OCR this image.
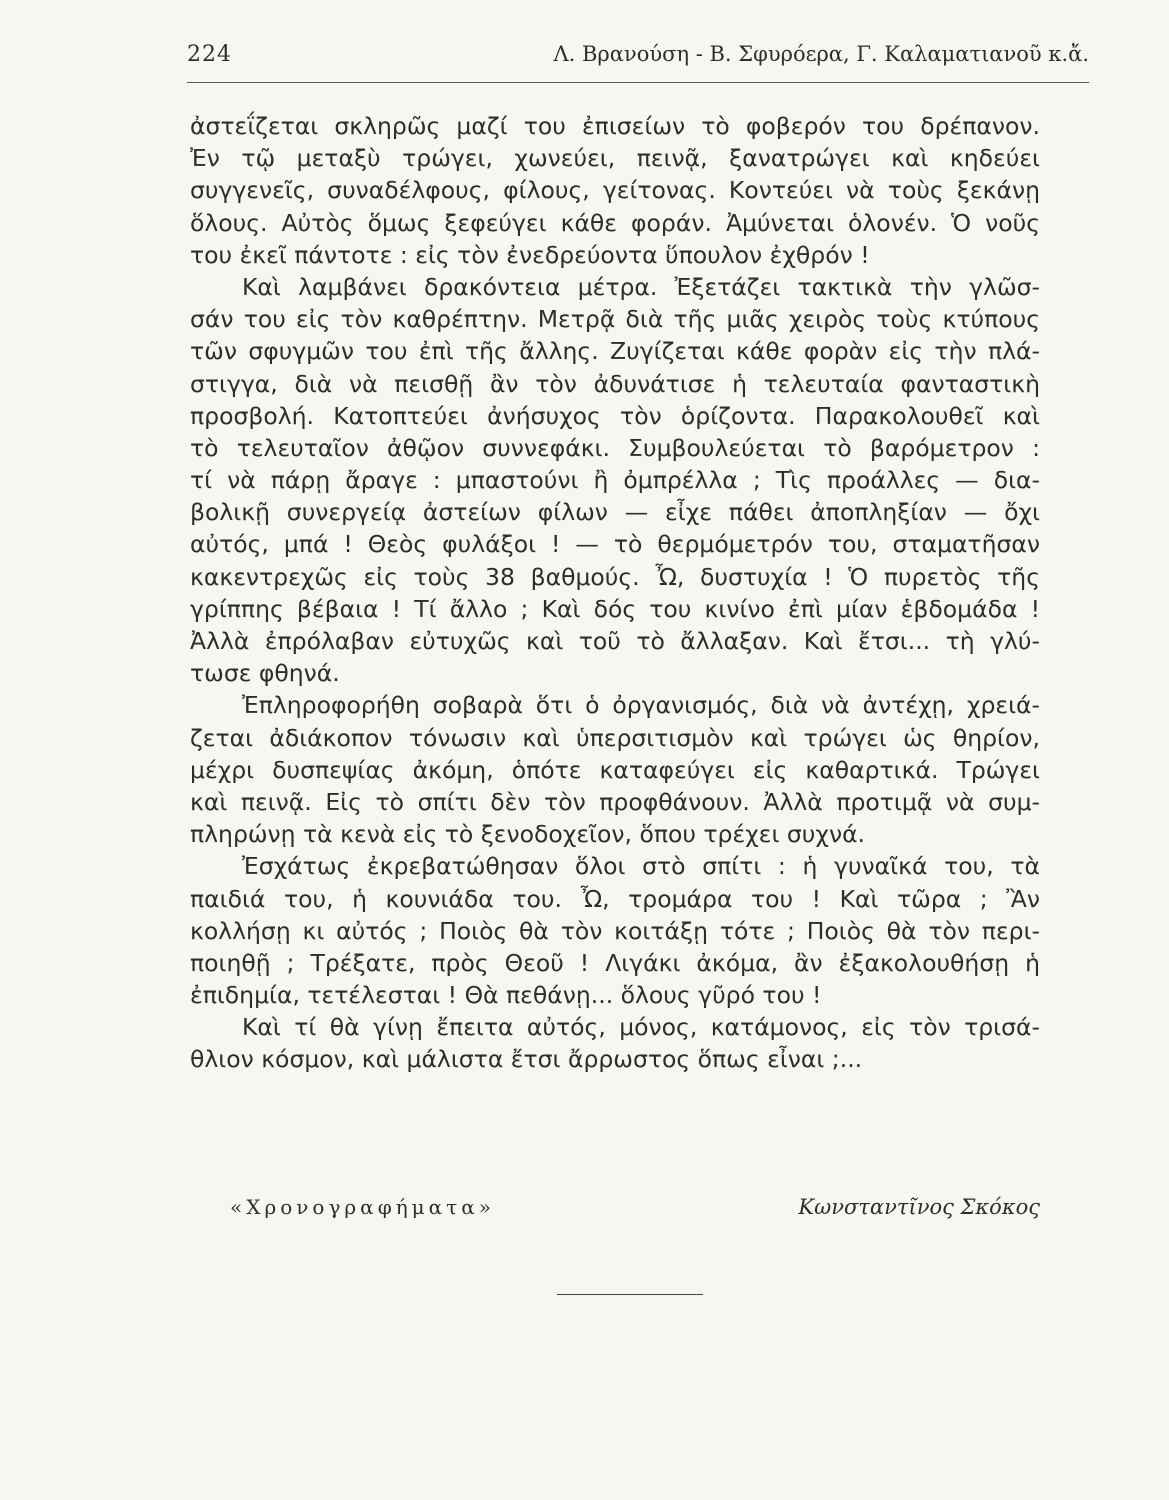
224	Λ. Βρανούση - Β. Σφυρόερα, Γ. Καλαματιανοῦ κ.ἄ.
ἀστεΐζεται σκληρῶς μαζί του ἐπισείων τὸ φοβερόν του δρέπανον.
Ἐν τῷ μεταξὺ τρώγει, χωνεύει, πεινᾷ, ξανατρώγει καὶ κηδεύει
συγγενεῖς, συναδέλφους, φίλους, γείτονας. Κοντεύει νὰ τοὺς ξεκάνῃ
ὅλους. Αὐτὸς ὅμως ξεφεύγει κάθε φοράν. Ἀμύνεται ὁλονέν. Ὁ νοῦς
του ἐκεῖ πάντοτε : εἰς τὸν ἐνεδρεύοντα ὕπουλον ἐχθρόν !
Καὶ λαμβάνει δρακόντεια μέτρα. Ἐξετάζει τακτικὰ τὴν γλῶσ-
σάν του εἰς τὸν καθρέπτην. Μετρᾷ διὰ τῆς μιᾶς χειρὸς τοὺς κτύπους
τῶν σφυγμῶν του ἐπὶ τῆς ἄλλης. Ζυγίζεται κάθε φορὰν εἰς τὴν πλά-
στιγγα, διὰ νὰ πεισθῇ ἂν τὸν ἀδυνάτισε ἡ τελευταία φανταστικὴ
προσβολή. Κατοπτεύει ἀνήσυχος τὸν ὁρίζοντα. Παρακολουθεῖ καὶ
τὸ τελευταῖον ἀθῷον συννεφάκι. Συμβουλεύεται τὸ βαρόμετρον :
τί νὰ πάρῃ ἄραγε : μπαστούνι ἢ ὀμπρέλλα ; Τὶς προάλλες — δια-
βολικῇ συνεργείᾳ ἀστείων φίλων — εἶχε πάθει ἀποπληξίαν — ὄχι
αὐτός, μπά ! Θεὸς φυλάξοι ! — τὸ θερμόμετρόν του, σταματῆσαν
κακεντρεχῶς εἰς τοὺς 38 βαθμούς. Ὦ, δυστυχία ! Ὁ πυρετὸς τῆς
γρίππης βέβαια ! Τί ἄλλο ; Καὶ δός του κινίνο ἐπὶ μίαν ἑβδομάδα !
Ἀλλὰ ἐπρόλαβαν εὐτυχῶς καὶ τοῦ τὸ ἄλλαξαν. Καὶ ἔτσι... τὴ γλύ-
τωσε φθηνά.
Ἐπληροφορήθη σοβαρὰ ὅτι ὁ ὀργανισμός, διὰ νὰ ἀντέχῃ, χρειά-
ζεται ἀδιάκοπον τόνωσιν καὶ ὑπερσιτισμὸν καὶ τρώγει ὡς θηρίον,
μέχρι δυσπεψίας ἀκόμη, ὁπότε καταφεύγει εἰς καθαρτικά. Τρώγει
καὶ πεινᾷ. Εἰς τὸ σπίτι δὲν τὸν προφθάνουν. Ἀλλὰ προτιμᾷ νὰ συμ-
πληρώνῃ τὰ κενὰ εἰς τὸ ξενοδοχεῖον, ὅπου τρέχει συχνά.
Ἐσχάτως ἐκρεβατώθησαν ὅλοι στὸ σπίτι : ἡ γυναῖκά του, τὰ
παιδιά του, ἡ κουνιάδα του. Ὦ, τρομάρα του ! Καὶ τῶρα ; Ἂν
κολλήσῃ κι αὐτός ; Ποιὸς θὰ τὸν κοιτάξῃ τότε ; Ποιὸς θὰ τὸν περι-
ποιηθῇ ; Τρέξατε, πρὸς Θεοῦ ! Λιγάκι ἀκόμα, ἂν ἐξακολουθήσῃ ἡ
ἐπιδημία, τετέλεσται ! Θὰ πεθάνῃ... ὅλους γῦρό του !
Καὶ τί θὰ γίνῃ ἔπειτα αὐτός, μόνος, κατάμονος, εἰς τὸν τρισά-
θλιον κόσμον, καὶ μάλιστα ἔτσι ἄρρωστος ὅπως εἶναι ;...
«Χρονογραφήματα»	Κωνσταντῖνος Σκόκος
